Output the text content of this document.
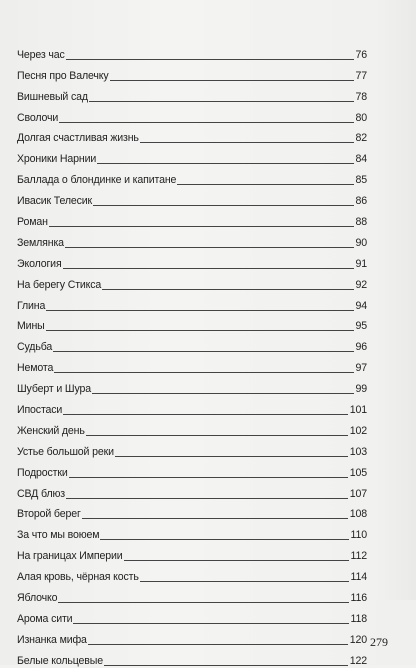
Через час	76
Песня про Валечку	77
Вишневый сад	78
Сволочи	80
Долгая счастливая жизнь	82
Хроники Нарнии	84
Баллада о блондинке и капитане	85
Ивасик Телесик	86
Роман	88
Землянка	90
Экология	91
На берегу Стикса	92
Глина	94
Мины	95
Судьба	96
Немота	97
Шуберт и Шура	99
Ипостаси	101
Женский день	102
Устье большой реки	103
Подростки	105
СВД блюз	107
Второй берег	108
За что мы воюем	110
На границах Империи	112
Алая кровь, чёрная кость	114
Яблочко	116
Арома сити	118
Изнанка мифа	120
Белые кольцевые	122
279
